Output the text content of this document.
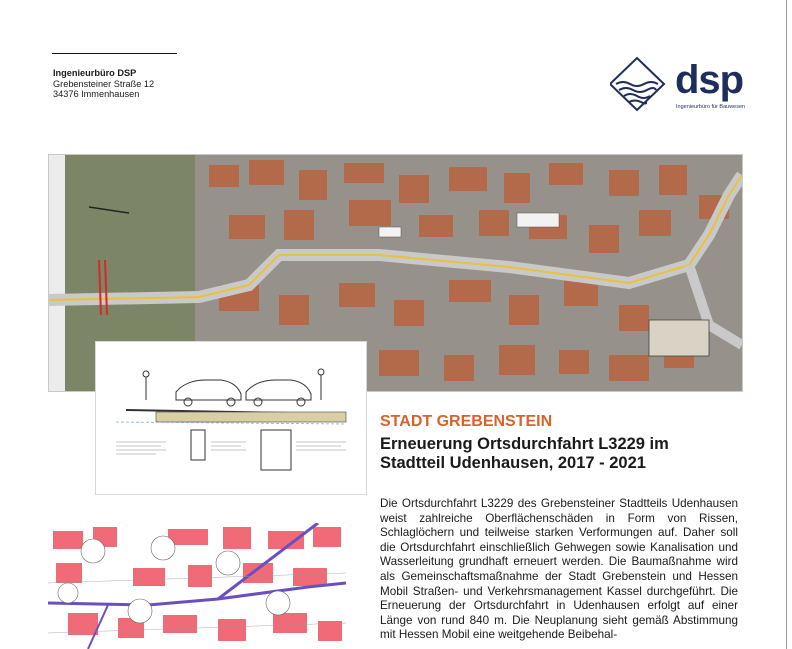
Ingenieurbüro DSP
Grebensteiner Straße 12
34376 Immenhausen	dsp
Ingenieurbüro für Bauwesen
STADT GREBENSTEIN
Erneuerung Ortsdurchfahrt L3229 im
Stadtteil Udenhausen, 2017 - 2021
Die Ortsdurchfahrt L3229 des Grebensteiner Stadtteils Udenhausen weist zahlreiche Oberflächenschäden in Form von Rissen, Schlaglöchern und teilweise starken Verformungen auf. Daher soll die Ortsdurchfahrt einschließlich Gehwegen sowie Kanalisation und Wasserleitung grundhaft erneuert werden. Die Baumaßnahme wird als Gemeinschaftsmaßnahme der Stadt Grebenstein und Hessen Mobil Straßen- und Verkehrsmanagement Kassel durchgeführt. Die Erneuerung der Ortsdurchfahrt in Udenhausen erfolgt auf einer Länge von rund 840 m. Die Neuplanung sieht gemäß Abstimmung mit Hessen Mobil eine weitgehende Beibehal-
